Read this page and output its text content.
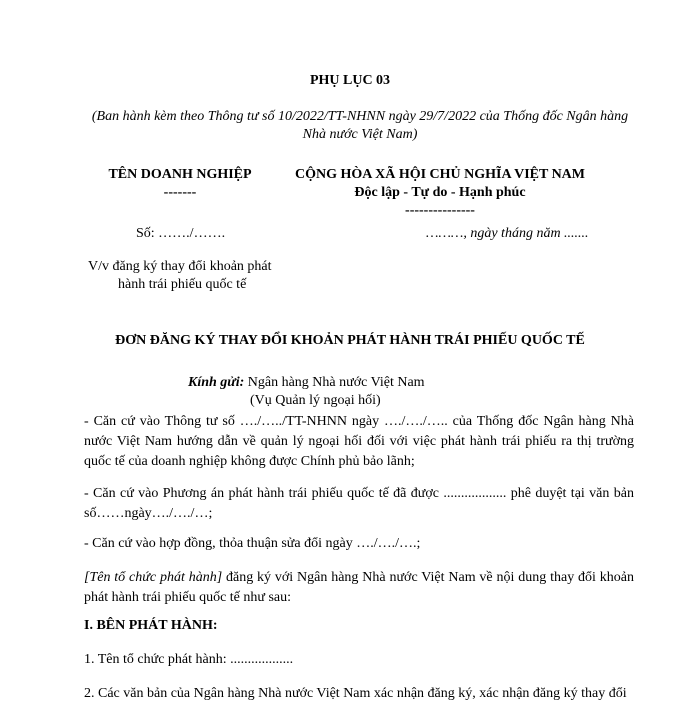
PHỤ LỤC 03
(Ban hành kèm theo Thông tư số 10/2022/TT-NHNN ngày 29/7/2022 của Thống đốc Ngân hàng Nhà nước Việt Nam)
TÊN DOANH NGHIỆP
-------
CỘNG HÒA XÃ HỘI CHỦ NGHĨA VIỆT NAM
Độc lập - Tự do - Hạnh phúc
---------------
Số: ……./…….	………, ngày tháng năm .......
V/v đăng ký thay đổi khoản phát
hành trái phiếu quốc tế
ĐƠN ĐĂNG KÝ THAY ĐỔI KHOẢN PHÁT HÀNH TRÁI PHIẾU QUỐC TẾ
Kính gửi: Ngân hàng Nhà nước Việt Nam
(Vụ Quản lý ngoại hối)
- Căn cứ vào Thông tư số …./…../TT-NHNN ngày …./…./….. của Thống đốc Ngân hàng Nhà nước Việt Nam hướng dẫn về quản lý ngoại hối đối với việc phát hành trái phiếu ra thị trường quốc tế của doanh nghiệp không được Chính phủ bảo lãnh;
- Căn cứ vào Phương án phát hành trái phiếu quốc tế đã được .................. phê duyệt tại văn bản số……ngày…./…./…;
- Căn cứ vào hợp đồng, thỏa thuận sửa đổi ngày …./…./….;
[Tên tổ chức phát hành] đăng ký với Ngân hàng Nhà nước Việt Nam về nội dung thay đổi khoản phát hành trái phiếu quốc tế như sau:
I. BÊN PHÁT HÀNH:
1. Tên tổ chức phát hành: ..................
2. Các văn bản của Ngân hàng Nhà nước Việt Nam xác nhận đăng ký, xác nhận đăng ký thay đổi
